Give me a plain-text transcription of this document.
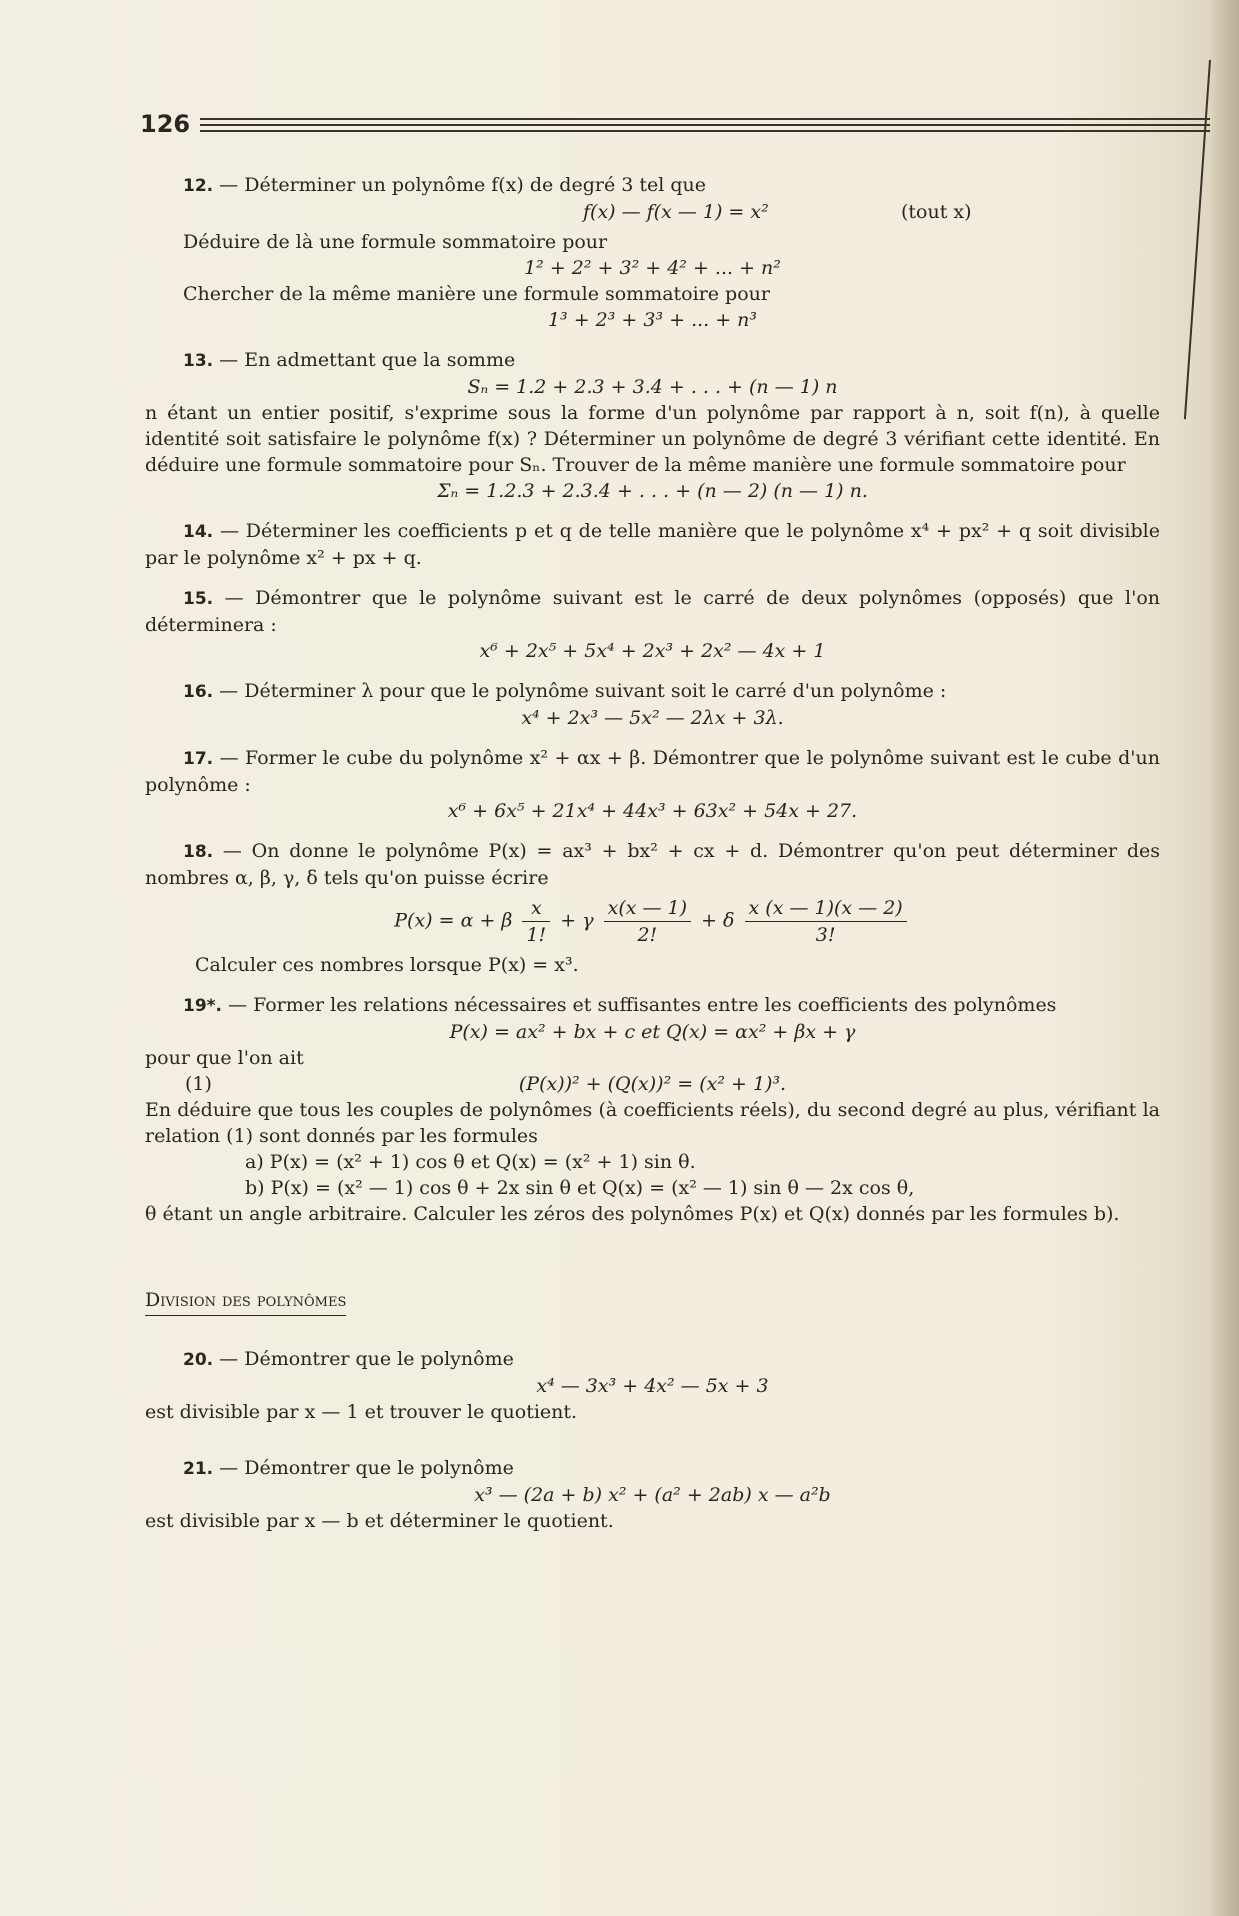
126
12. — Déterminer un polynôme f(x) de degré 3 tel que
f(x) — f(x — 1) = x²	(tout x)
Déduire de là une formule sommatoire pour
1² + 2² + 3² + 4² + ... + n²
Chercher de la même manière une formule sommatoire pour
1³ + 2³ + 3³ + ... + n³
13. — En admettant que la somme
Sₙ = 1.2 + 2.3 + 3.4 + . . . + (n — 1) n

n étant un entier positif, s'exprime sous la forme d'un polynôme par rapport à n, soit f(n), à quelle identité soit satisfaire le polynôme f(x) ? Déterminer un polynôme de degré 3 vérifiant cette identité. En déduire une formule sommatoire pour Sₙ. Trouver de la même manière une formule sommatoire pour

Σₙ = 1.2.3 + 2.3.4 + . . . + (n — 2) (n — 1) n.

14. — Déterminer les coefficients p et q de telle manière que le polynôme x⁴ + px² + q soit divisible par le polynôme x² + px + q.

15. — Démontrer que le polynôme suivant est le carré de deux polynômes (opposés) que l'on déterminera :

x⁶ + 2x⁵ + 5x⁴ + 2x³ + 2x² — 4x + 1

16. — Déterminer λ pour que le polynôme suivant soit le carré d'un polynôme :

x⁴ + 2x³ — 5x² — 2λx + 3λ.

17. — Former le cube du polynôme x² + αx + β. Démontrer que le polynôme suivant est le cube d'un polynôme :

x⁶ + 6x⁵ + 21x⁴ + 44x³ + 63x² + 54x + 27.

18. — On donne le polynôme P(x) = ax³ + bx² + cx + d. Démontrer qu'on peut déterminer des nombres α, β, γ, δ tels qu'on puisse écrire

P(x) = α + β $\frac{x}{1!} + \gamma \frac{x(x — 1)}{2!} + \delta \frac{x (x — 1)(x — 2)}{3!}$
Calculer ces nombres lorsque P(x) = x³.

19*. — Former les relations nécessaires et suffisantes entre les coefficients des polynômes

P(x) = ax² + bx + c et Q(x) = αx² + βx + γ
pour que l'on ait
(1)	(P(x))² + (Q(x))² = (x² + 1)³.

En déduire que tous les couples de polynômes (à coefficients réels), du second degré au plus, vérifiant la relation (1) sont donnés par les formules

a) P(x) = (x² + 1) cos θ et Q(x) = (x² + 1) sin θ.
b) P(x) = (x² — 1) cos θ + 2x sin θ et Q(x) = (x² — 1) sin θ — 2x cos θ,

θ étant un angle arbitraire. Calculer les zéros des polynômes P(x) et Q(x) donnés par les formules b).

Division des polynômes
20. — Démontrer que le polynôme
x⁴ — 3x³ + 4x² — 5x + 3
est divisible par x — 1 et trouver le quotient.
21. — Démontrer que le polynôme
x³ — (2a + b) x² + (a² + 2ab) x — a²b
est divisible par x — b et déterminer le quotient.
